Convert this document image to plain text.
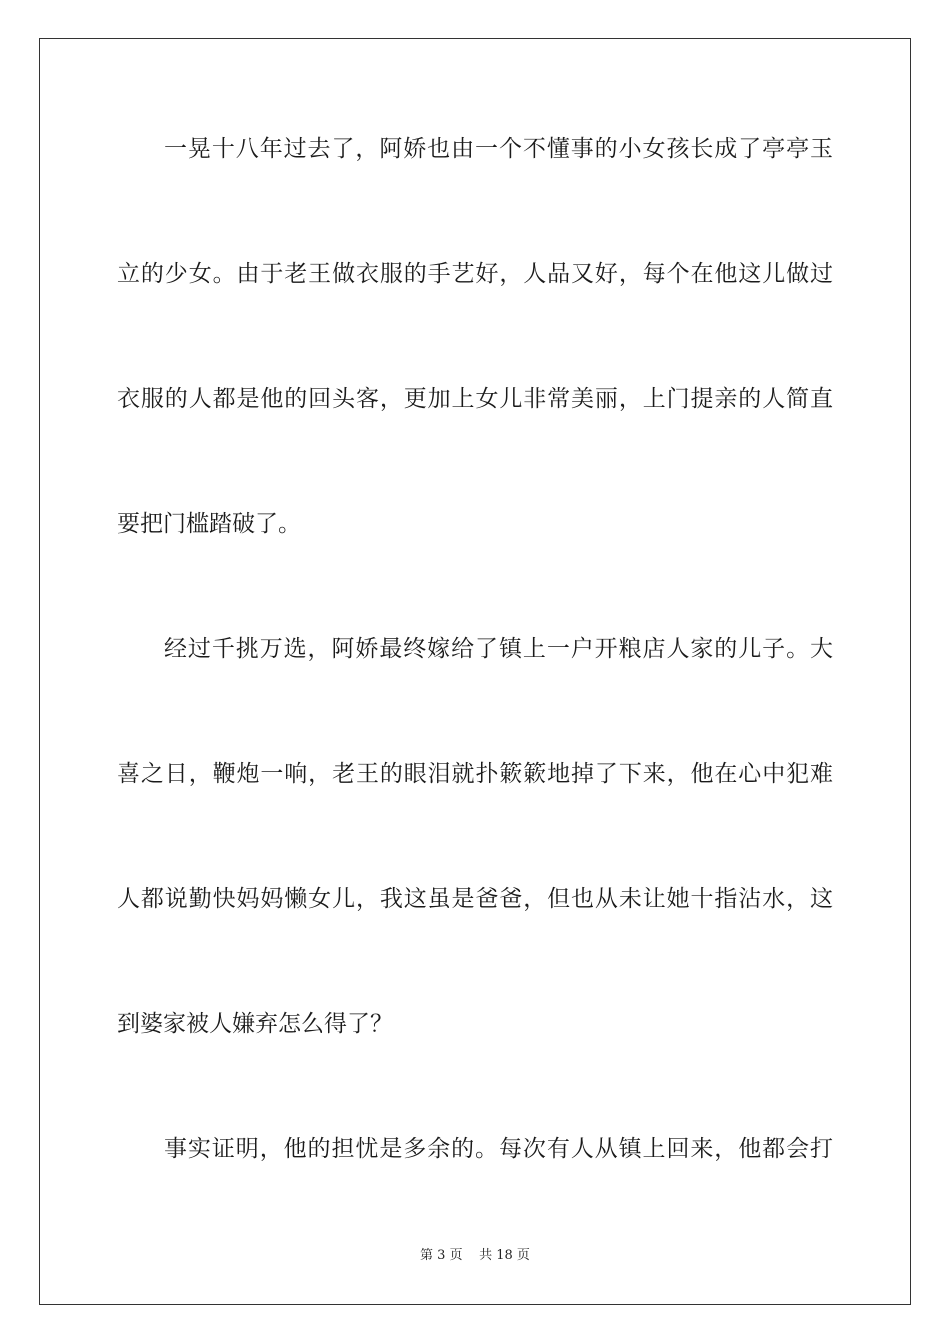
一晃十八年过去了，阿娇也由一个不懂事的小女孩长成了亭亭玉
立的少女。由于老王做衣服的手艺好，人品又好，每个在他这儿做过
衣服的人都是他的回头客，更加上女儿非常美丽，上门提亲的人简直
要把门槛踏破了。
经过千挑万选，阿娇最终嫁给了镇上一户开粮店人家的儿子。大
喜之日，鞭炮一响，老王的眼泪就扑簌簌地掉了下来，他在心中犯难
人都说勤快妈妈懒女儿，我这虽是爸爸，但也从未让她十指沾水，这
到婆家被人嫌弃怎么得了？
事实证明，他的担忧是多余的。每次有人从镇上回来，他都会打
第 3 页 共 18 页
